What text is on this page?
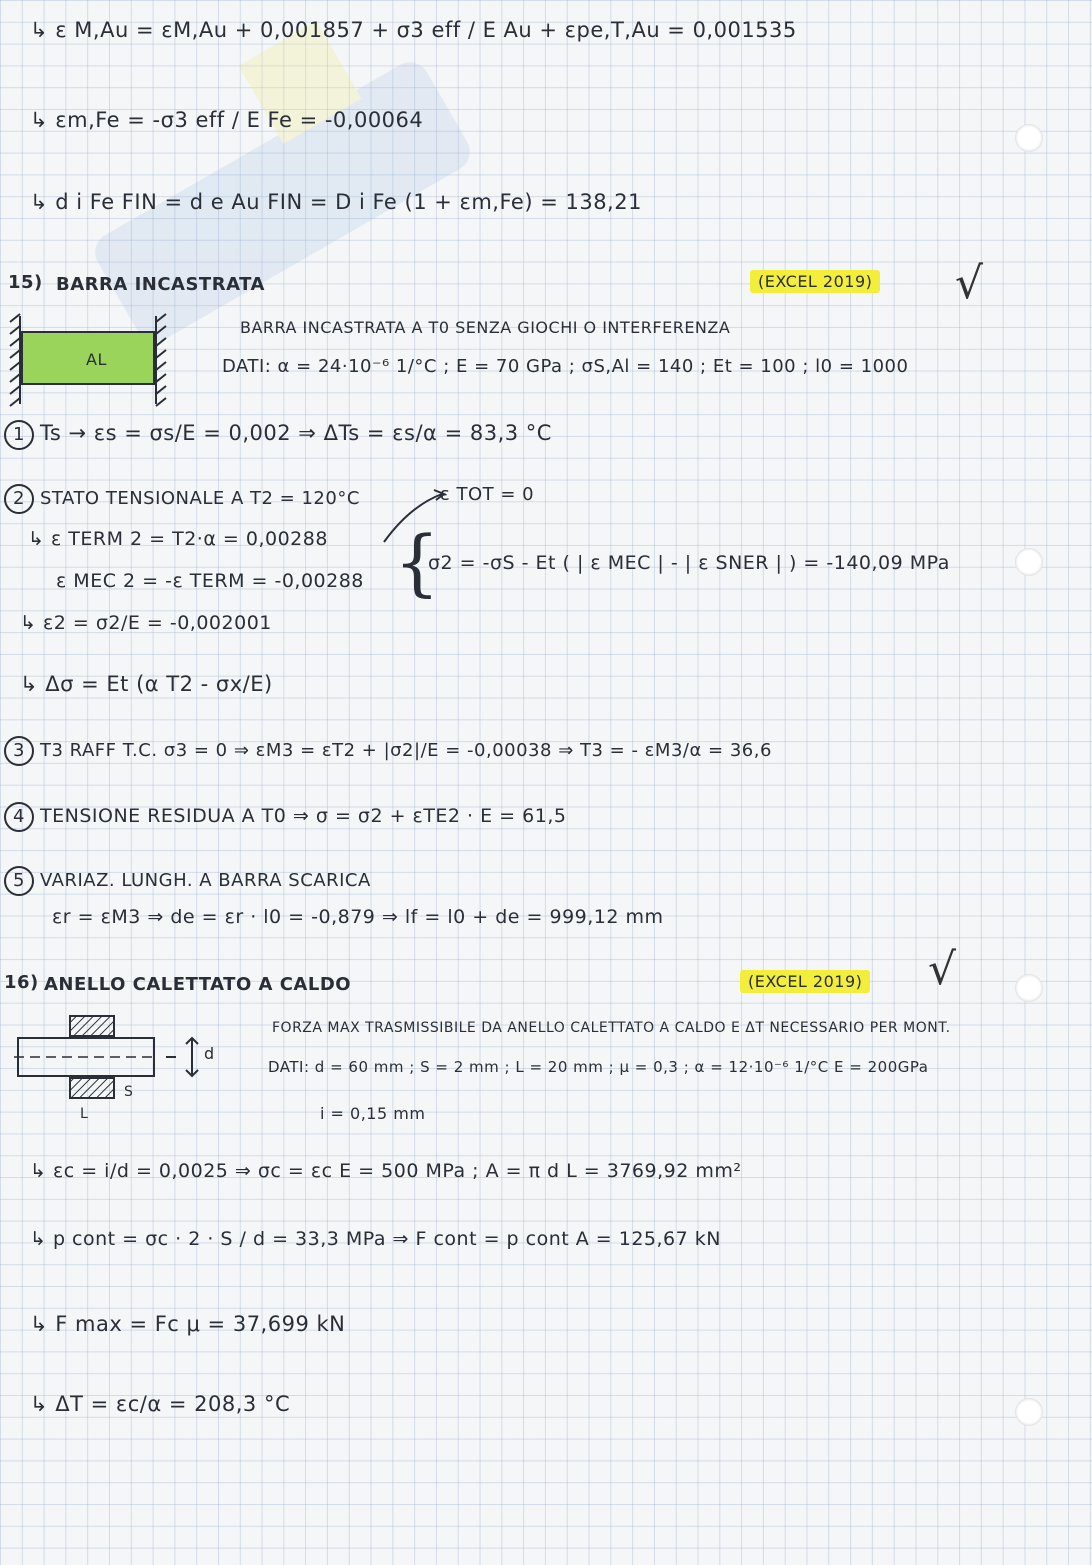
↳ ε M,Au = εM,Au + 0,001857 + σ3 eff / E Au + εpe,T,Au = 0,001535
↳ εm,Fe = -σ3 eff / E Fe = -0,00064
↳ d i Fe FIN = d e Au FIN = D i Fe (1 + εm,Fe) = 138,21
15) BARRA INCASTRATA	(EXCEL 2019) √
AL
BARRA INCASTRATA A T0 SENZA GIOCHI O INTERFERENZA
DATI: α = 24·10⁻⁶ 1/°C ; E = 70 GPa ; σS,Al = 140 ; Et = 100 ; l0 = 1000
1 Ts → εs = σs/E = 0,002 ⇒ ΔTs = εs/α = 83,3 °C
2 STATO TENSIONALE A T2 = 120°C	ε TOT = 0
↳ ε TERM 2 = T2·α = 0,00288
ε MEC 2 = -ε TERM = -0,00288 {
σ2 = -σS - Et ( | ε MEC | - | ε SNER | ) = -140,09 MPa
↳ ε2 = σ2/E = -0,002001
↳ Δσ = Et (α T2 - σx/E)
3 T3 RAFF T.C. σ3 = 0 ⇒ εM3 = εT2 + |σ2|/E = -0,00038 ⇒ T3 = - εM3/α = 36,6
4 TENSIONE RESIDUA A T0 ⇒ σ = σ2 + εTE2 · E = 61,5
5 VARIAZ. LUNGH. A BARRA SCARICA
εr = εM3 ⇒ de = εr · l0 = -0,879 ⇒ lf = l0 + de = 999,12 mm
16) ANELLO CALETTATO A CALDO	(EXCEL 2019) √
d
S
L
FORZA MAX TRASMISSIBILE DA ANELLO CALETTATO A CALDO E ΔT NECESSARIO PER MONT.
DATI: d = 60 mm ; S = 2 mm ; L = 20 mm ; μ = 0,3 ; α = 12·10⁻⁶ 1/°C E = 200GPa
i = 0,15 mm
↳ εc = i/d = 0,0025 ⇒ σc = εc E = 500 MPa ; A = π d L = 3769,92 mm²
↳ p cont = σc · 2 · S / d = 33,3 MPa ⇒ F cont = p cont A = 125,67 kN
↳ F max = Fc μ = 37,699 kN
↳ ΔT = εc/α = 208,3 °C
